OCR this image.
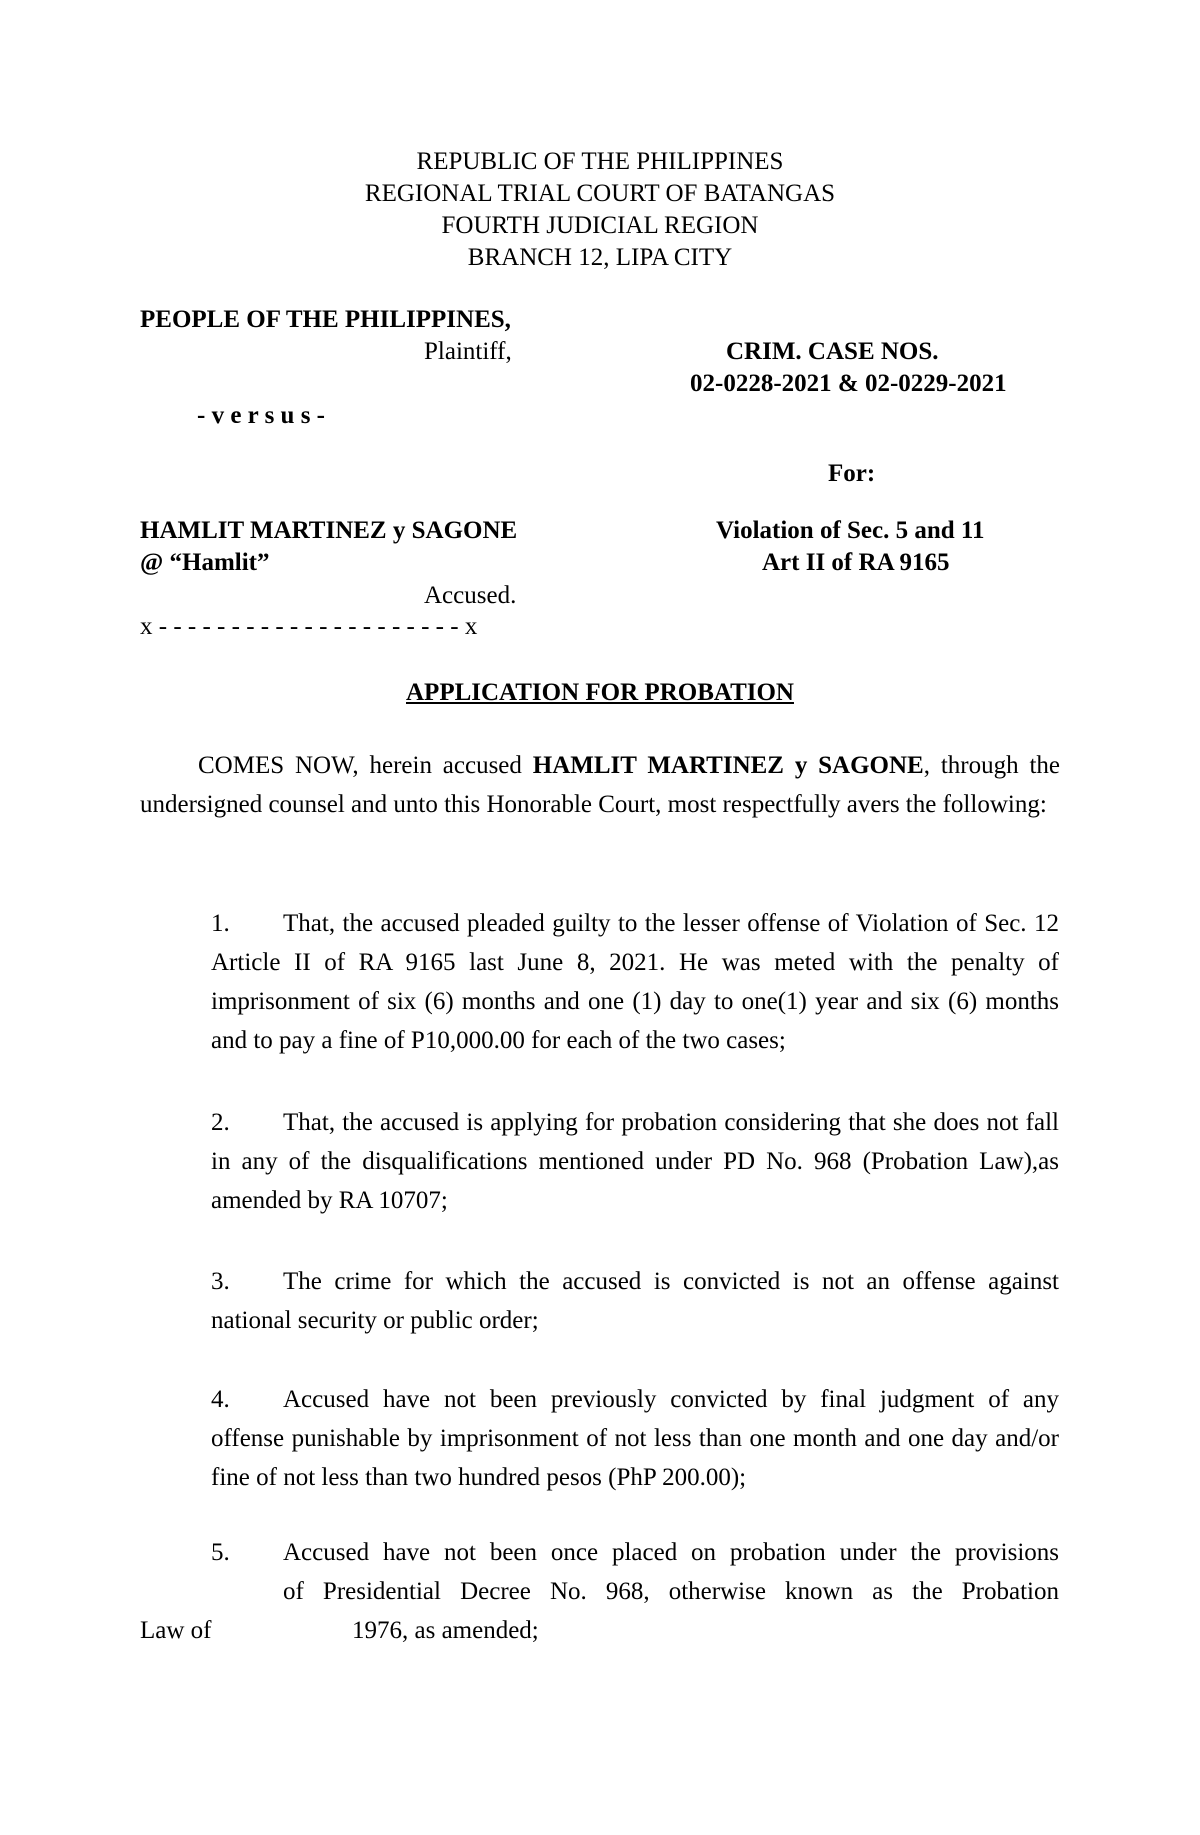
REPUBLIC OF THE PHILIPPINES
REGIONAL TRIAL COURT OF BATANGAS
FOURTH JUDICIAL REGION
BRANCH 12, LIPA CITY
PEOPLE OF THE PHILIPPINES,
Plaintiff,
- v e r s u s -
HAMLIT MARTINEZ y SAGONE
@ “Hamlit”
Accused.
x - - - - - - - - - - - - - - - - - - - - - x
CRIM. CASE NOS.
02-0228-2021 & 02-0229-2021
For:
Violation of Sec. 5 and 11
Art II of RA 9165
APPLICATION FOR PROBATION
COMES NOW, herein accused HAMLIT MARTINEZ y SAGONE, through the undersigned counsel and unto this Honorable Court, most respectfully avers the following:
1. That, the accused pleaded guilty to the lesser offense of Violation of Sec. 12 Article II of RA 9165 last June 8, 2021. He was meted with the penalty of imprisonment of six (6) months and one (1) day to one(1) year and six (6) months and to pay a fine of P10,000.00 for each of the two cases;
2. That, the accused is applying for probation considering that she does not fall in any of the disqualifications mentioned under PD No. 968 (Probation Law),as amended by RA 10707;
3. The crime for which the accused is convicted is not an offense against national security or public order;
4. Accused have not been previously convicted by final judgment of any offense punishable by imprisonment of not less than one month and one day and/or fine of not less than two hundred pesos (PhP 200.00);
5. Accused have not been once placed on probation under the provisions
of Presidential Decree No. 968, otherwise known as the Probation
Law of	1976, as amended;
